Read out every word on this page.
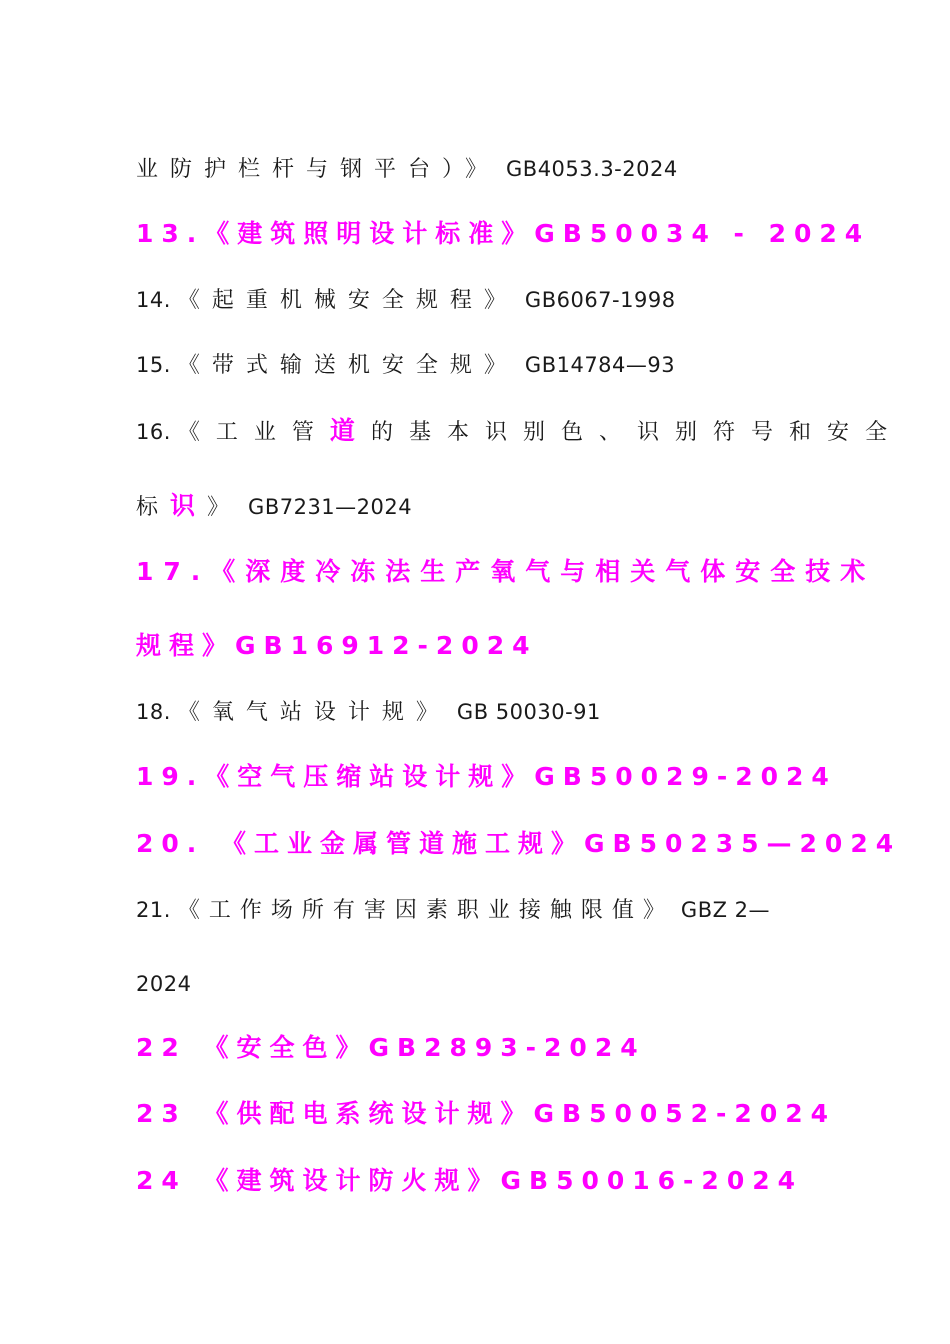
业防护栏杆与钢平台）》 GB4053.3-2024
13.《建筑照明设计标准》GB50034 - 2024
14. 《起重机械安全规程》 GB6067-1998
15. 《带式输送机安全规》 GB14784—93
16. 《工业管道的基本识别色、识别符号和安全
标识》 GB7231—2024
17.《深度冷冻法生产氧气与相关气体安全技术
规程》GB16912-2024
18. 《氧气站设计规》 GB 50030-91
19.《空气压缩站设计规》GB50029-2024
20. 《工业金属管道施工规》GB50235—2024
21. 《工作场所有害因素职业接触限值》 GBZ 2—
2024
22 《安全色》GB2893-2024
23 《供配电系统设计规》GB50052-2024
24 《建筑设计防火规》GB50016-2024
